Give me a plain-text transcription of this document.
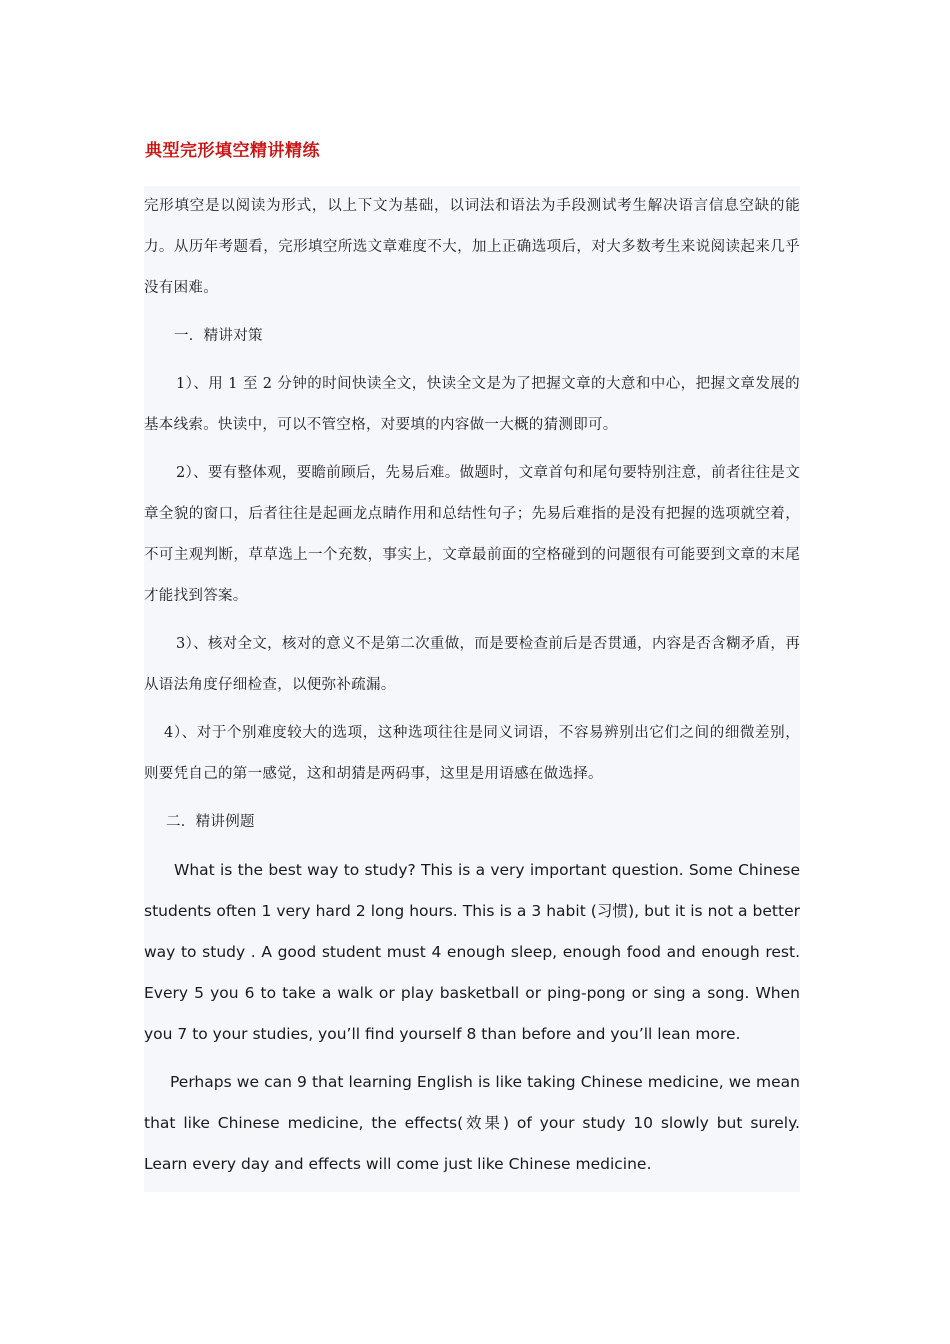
典型完形填空精讲精练

完形填空是以阅读为形式，以上下文为基础，以词法和语法为手段测试考生解决语言信息空缺的能力。从历年考题看，完形填空所选文章难度不大，加上正确选项后，对大多数考生来说阅读起来几乎没有困难。

一．精讲对策

1）、用 1 至 2 分钟的时间快读全文，快读全文是为了把握文章的大意和中心，把握文章发展的基本线索。快读中，可以不管空格，对要填的内容做一大概的猜测即可。

2）、要有整体观，要瞻前顾后，先易后难。做题时，文章首句和尾句要特别注意，前者往往是文章全貌的窗口，后者往往是起画龙点睛作用和总结性句子；先易后难指的是没有把握的选项就空着，不可主观判断，草草选上一个充数，事实上，文章最前面的空格碰到的问题很有可能要到文章的末尾才能找到答案。

3）、核对全文，核对的意义不是第二次重做，而是要检查前后是否贯通，内容是否含糊矛盾，再从语法角度仔细检查，以便弥补疏漏。

4）、对于个别难度较大的选项，这种选项往往是同义词语，不容易辨别出它们之间的细微差别，则要凭自己的第一感觉，这和胡猜是两码事，这里是用语感在做选择。

二．精讲例题

What is the best way to study? This is a very important question. Some Chinese students often 1 very hard 2 long hours. This is a 3 habit (习惯), but it is not a better way to study . A good student must 4 enough sleep, enough food and enough rest. Every 5 you 6 to take a walk or play basketball or ping-pong or sing a song. When you 7 to your studies, you’ll find yourself 8 than before and you’ll lean more.

Perhaps we can 9 that learning English is like taking Chinese medicine, we mean that like Chinese medicine, the effects(效果) of your study 10 slowly but surely. Learn every day and effects will come just like Chinese medicine.
